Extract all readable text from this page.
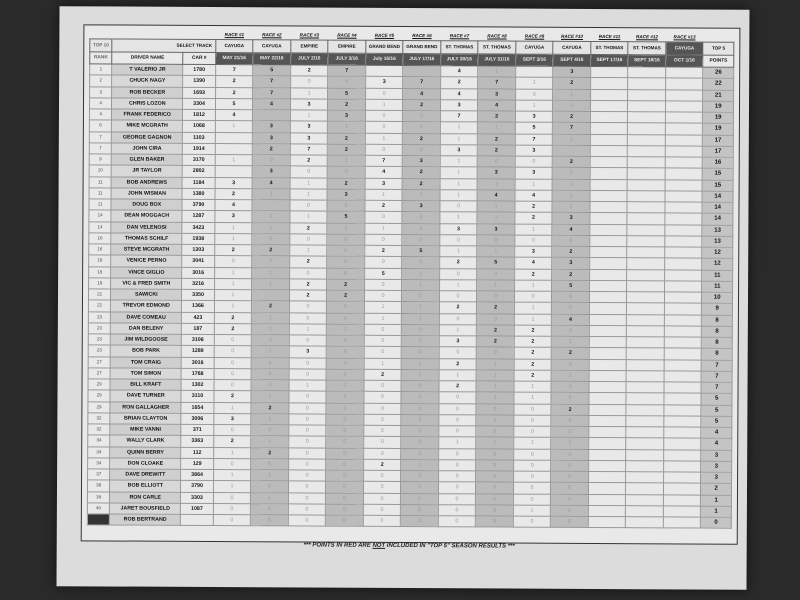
			RACE #1	RACE #2	RACE #3	RACE #4	RACE #5	RACE #6	RACE #7	RACE #8	RACE #9	RACE #10	RACE #11	RACE #12	RACE #13	
TOP 10	SELECT TRACK		CAYUGA	CAYUGA	EMPIRE	EMPIRE	GRAND BEND	GRAND BEND	ST. THOMAS	ST. THOMAS	CAYUGA	CAYUGA	ST. THOMAS	ST. THOMAS	CAYUGA	TOP 5
RANK	DRIVER NAME	CAR #	MAY 21/16	MAY 22/16	JULY 2/16	JULY 3/16	July 16/16	JULY 17/16	JULY 30/16	JULY 31/16	SEPT 3/16	SEPT 4/16	SEPT 17/16	SEPT 18/16	OCT 1/16	POINTS
1	T VALERIO JR	1780	7	5	2	7			4	1		3				26
2	CHUCK NAGY	1390	2	7	0	0	3	7	2	7	1	2				22
3	ROB BECKER	1693	2	7	1	5	0	4	4	3	0	1				21
4	CHRIS LOZON	3304	5	4	3	2	1	2	3	4	1	1				19
4	FRANK FEDERICO	1812	4		1	3	0	0	7	2	3	2				19
6	MIKE MCGRATH	1068	1	3	3	1	0	0	1	1	5	7				19
7	GEORGE GAGNON	1103		3	3	2	1	2	1	2	7	1				17
7	JOHN CIRA	1914		2	7	2	0	0	3	2	3					17
9	GLEN BAKER	3170	1	0	2	1	7	3	1	0	0	2				16
10	JR TAYLOR	2802		3	0	0	4	2	1	3	3	1				15
11	BOB ANDREWS	1184	3	4	1	2	3	2	1	1	1	1				15
11	JOHN WISMAN	1380	2	1	1	3	1	1	1	4	4	1				14
11	DOUG BOX	3790	4		0	0	2	3	0	1	2	1				14
14	DEAN MOGGACH	1287	3	1	1	5	0	0	1	1	2	3				14
14	DAN VELENOSI	3423	1	1	2	1	1	0	3	3	1	4				13
16	THOMAS SCHILF	1938	1	0	0	0	0	0	0	0	0	0				13
16	STEVE MCGRATH	1303	2	2	1	0	2	5	1	1	3	2				12
18	VENICE PERNO	3041	0	0	2	0	0	0	2	5	4	3				12
18	VINCE GIGLIO	3016	1	1	0	0	5	1	0	0	2	2				11
18	VIC & FRED SMITH	3216	1	1	2	2	0	1	1	1	1	5				11
21	SAWICKI	3350	1		2	2	0	0	0	0	0	0				10
21	TREVOR EDMOND	1366	1	2	0	0	1	1	2	2	1	0				9
23	DAVE COMEAU	423	2	1	0	0	1	1	0	0	1	4				8
23	DAN BELENY	187	2	1	1	1	0	0	1	2	2	0				8
23	JIM WILDGOOSE	3106	0	0	0	0	0	0	3	2	2	1				8
23	BOB PARK	1289	0	1	3	0	0	0	0	0	2	2				8
27	TOM CRAIG	3016	0	0	0	0	1	1	2	1	2	0				7
27	TOM SIMON	1768	0	0	0	0	2	1	1	1	2	1				7
29	BILL KRAFT	1302	0	0	1	1	0	0	2	1	1	0				7
29	DAVE TURNER	3110	2	1	0	0	0	0	0	1	1	0				5
29	RON GALLAGHER	1654	1	2	0	0	0	0	0	0	0	2				5
32	BRIAN CLAYTON	3006	3	1	0	0	0	0	0	0	0	0				5
32	MIKE VANNI	371	0	0	0	0	0	0	0	0	0	0				4
34	WALLY CLARK	3363	2	1	0	0	0	0	1	1	1	1				4
34	QUINN BERRY	112	1	2	0	0	0	0	0	0	0	0				3
34	DON CLOAKE	129	0	0	0	0	2	1	0	0	0	0				3
37	DAVE DREWITT	3864	1	1	0	0	0	0	0	0	0	0				3
38	BOB ELLIOTT	3790	1	0	0	0	0	0	0	0	0	0				2
39	RON CARLE	3303	0	1	0	0	0	0	0	0	0	0				1
40	JARET BOUSFIELD	1087	0	0	0	0	0	0	0	0	1	0				1
	ROB BERTRAND		0	0	0	0	0	0	0	0	0	0				0
*** POINTS IN RED ARE NOT INCLUDED IN "TOP 5" SEASON RESULTS ***
